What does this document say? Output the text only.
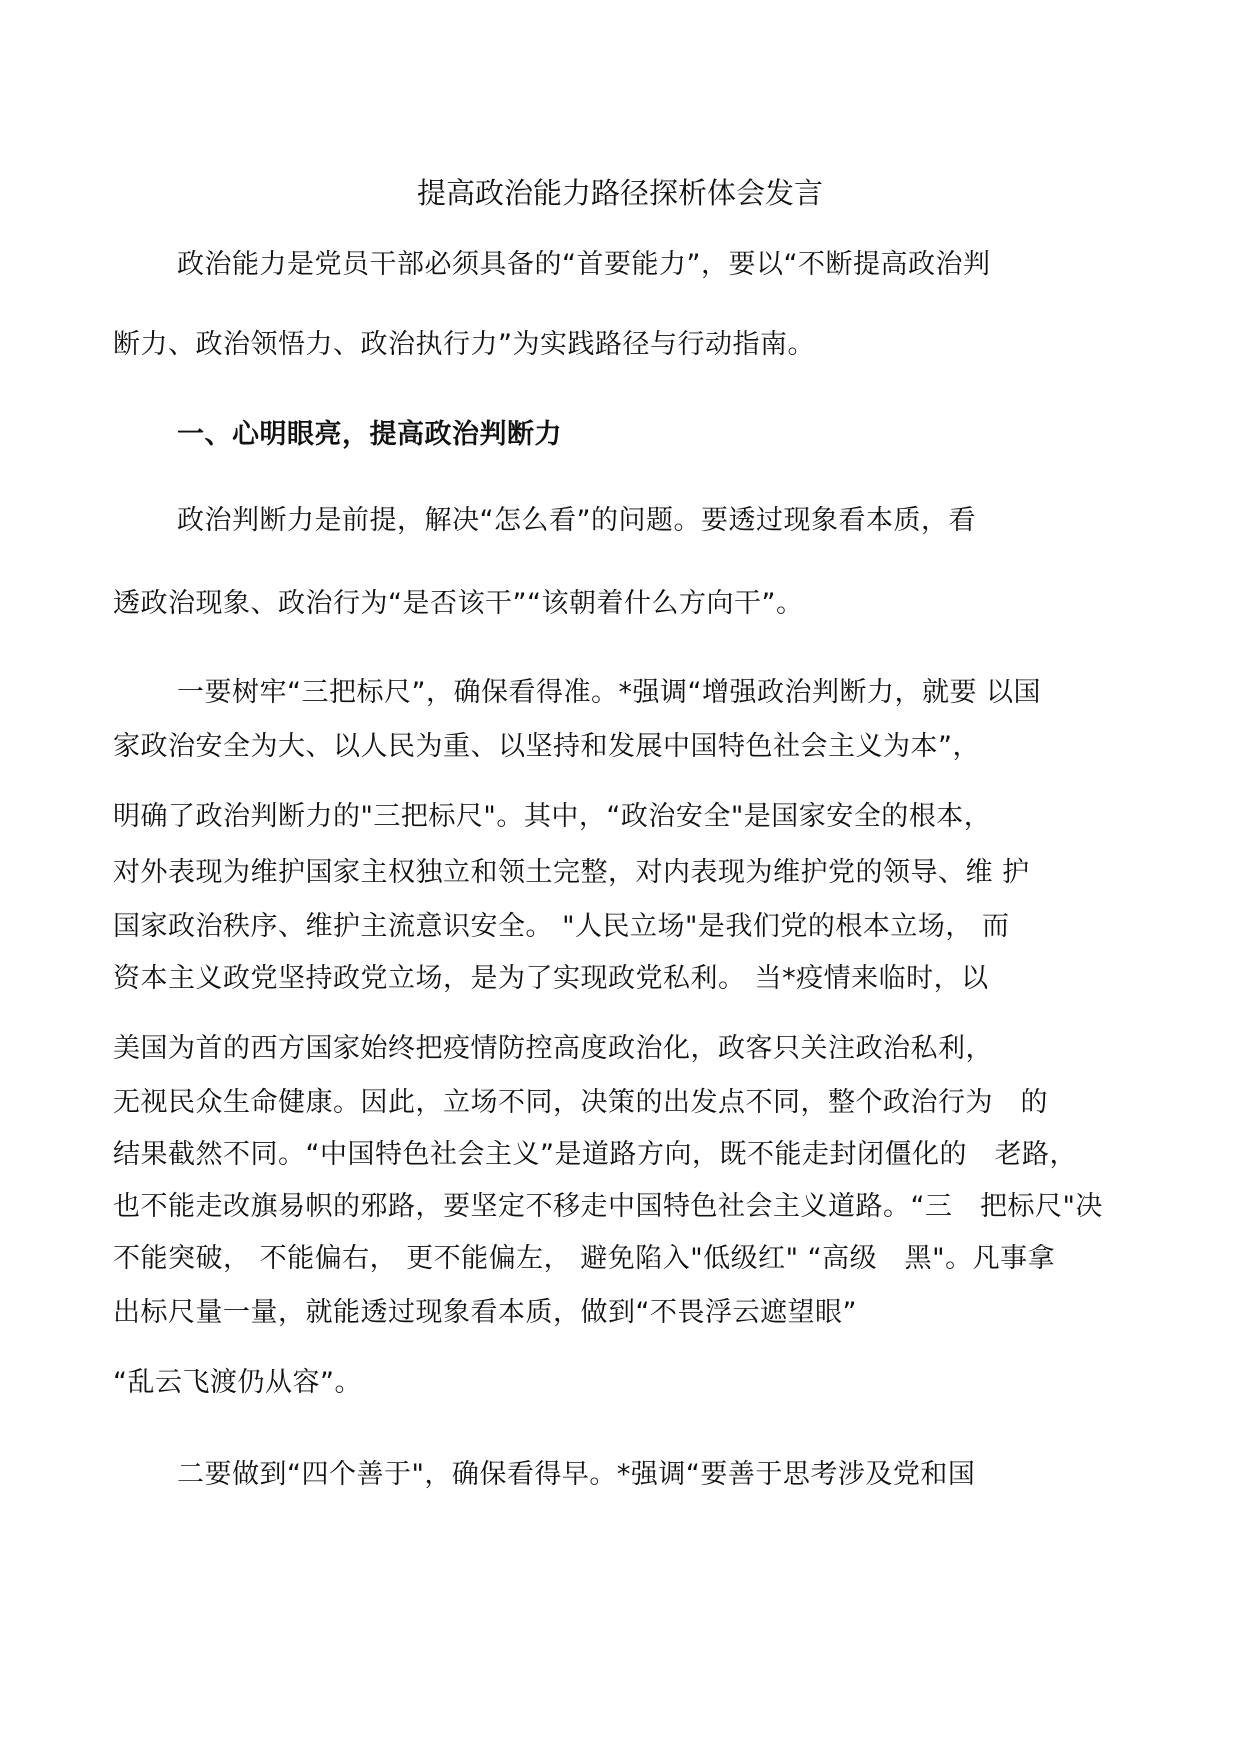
提高政治能力路径探析体会发言
政治能力是党员干部必须具备的“首要能力”，要以“不断提高政治判
断力、政治领悟力、政治执行力”为实践路径与行动指南。
一、心明眼亮，提高政治判断力
政治判断力是前提，解决“怎么看”的问题。要透过现象看本质，看
透政治现象、政治行为“是否该干”“该朝着什么方向干”。
一要树牢“三把标尺”，确保看得准。*强调“增强政治判断力，就要 以国
家政治安全为大、以人民为重、以坚持和发展中国特色社会主义为本”，
明确了政治判断力的"三把标尺"。其中，“政治安全"是国家安全的根本，
对外表现为维护国家主权独立和领土完整，对内表现为维护党的领导、维 护
国家政治秩序、维护主流意识安全。 "人民立场"是我们党的根本立场， 而
资本主义政党坚持政党立场，是为了实现政党私利。 当*疫情来临时，以
美国为首的西方国家始终把疫情防控高度政治化，政客只关注政治私利，
无视民众生命健康。因此，立场不同，决策的出发点不同，整个政治行为　的
结果截然不同。“中国特色社会主义”是道路方向，既不能走封闭僵化的　老路，
也不能走改旗易帜的邪路，要坚定不移走中国特色社会主义道路。“三　把标尺"决
不能突破， 不能偏右， 更不能偏左， 避免陷入"低级红" “高级　黑"。凡事拿
出标尺量一量，就能透过现象看本质，做到“不畏浮云遮望眼”
“乱云飞渡仍从容”。
二要做到“四个善于"，确保看得早。*强调“要善于思考涉及党和国
